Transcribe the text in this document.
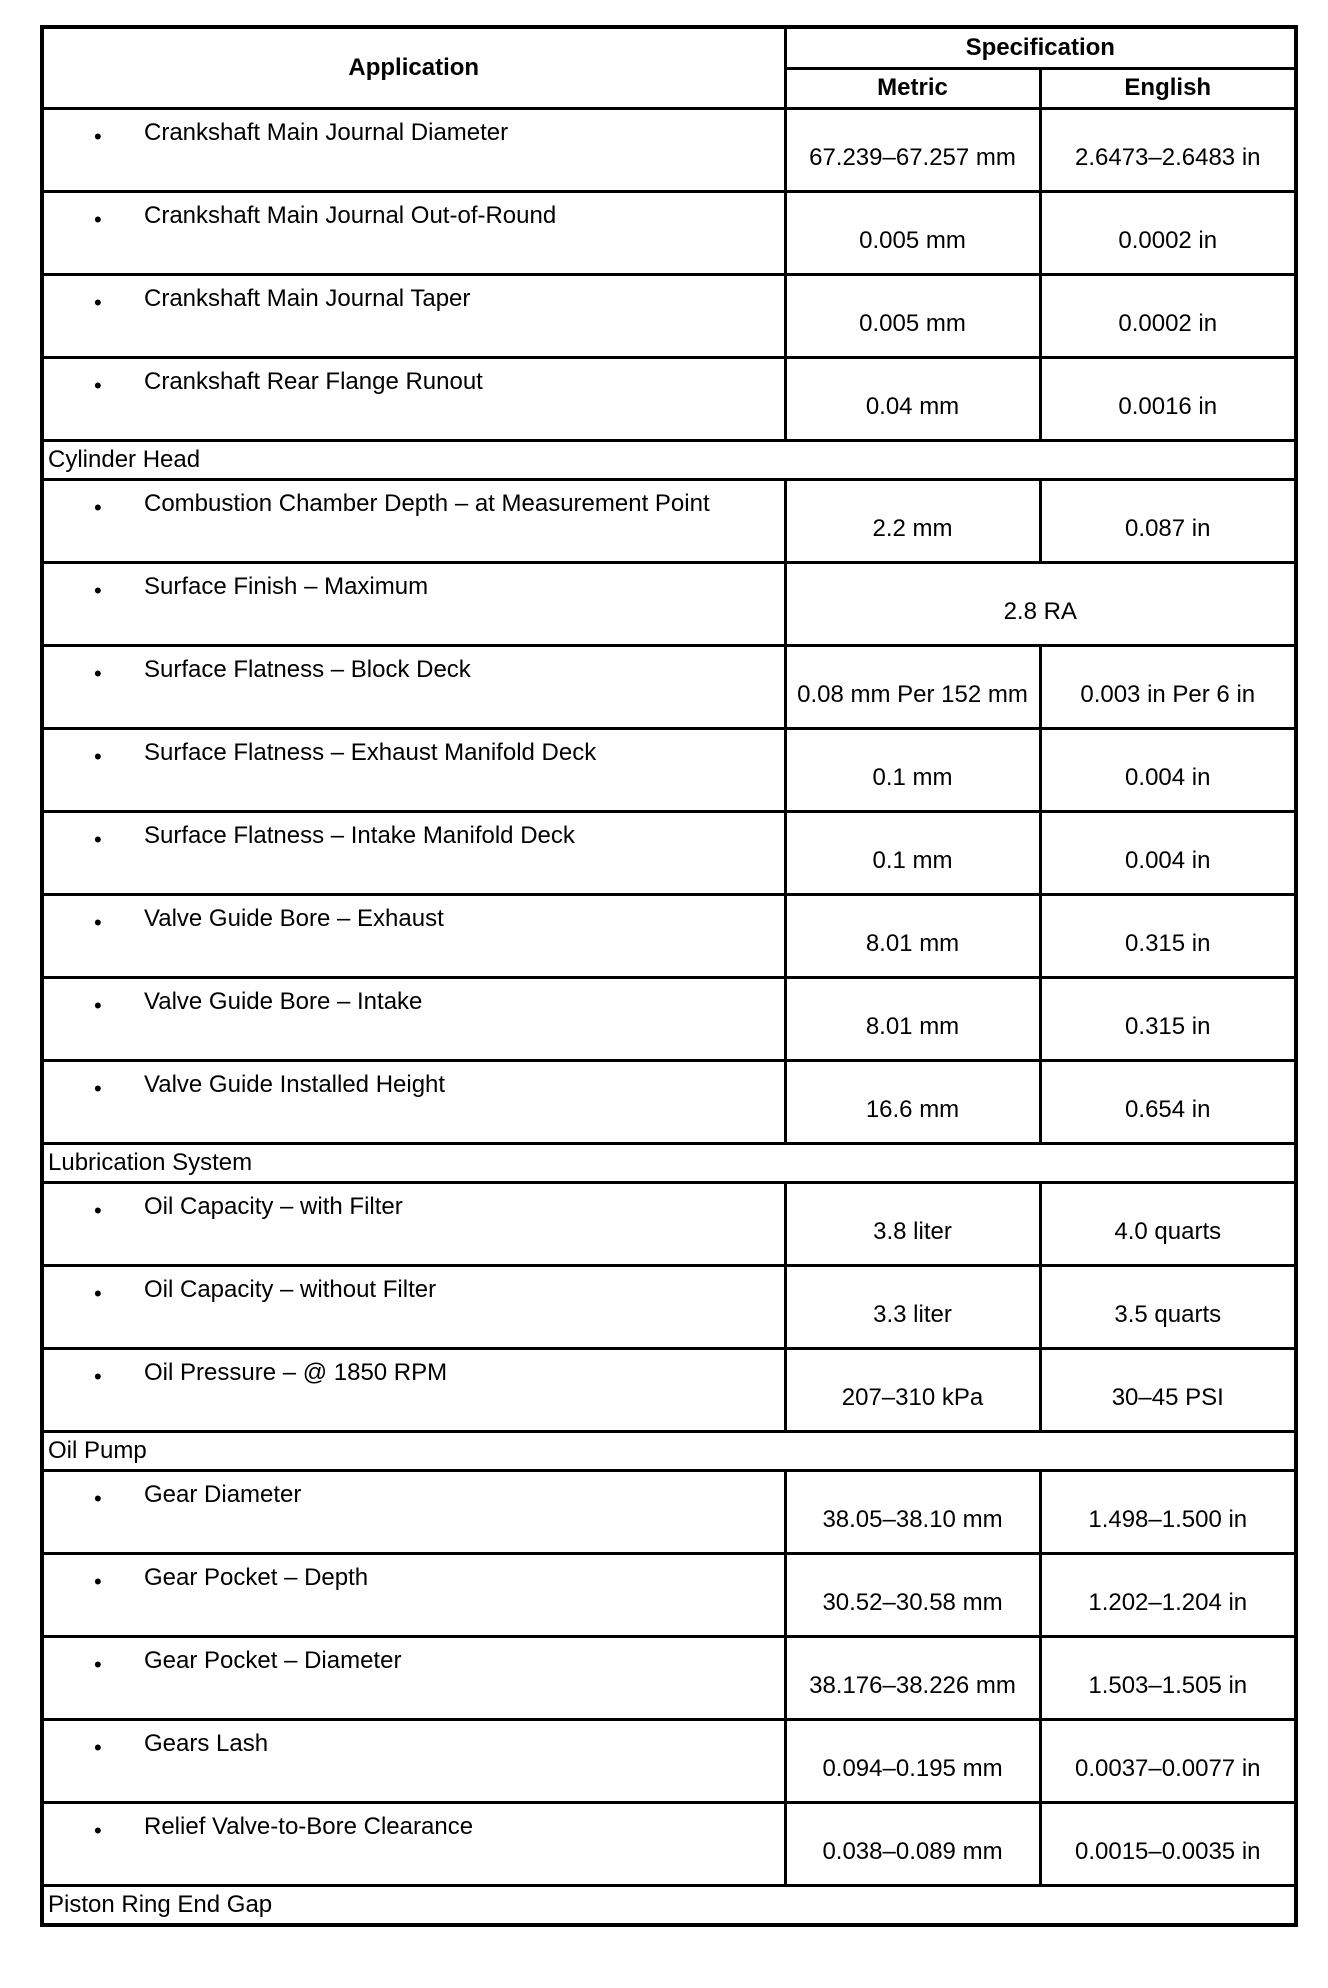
Application	Specification	
	Metric	English

• Crankshaft Main Journal Diameter	67.239–67.257 mm	2.6473–2.6483 in

• Crankshaft Main Journal Out-of-Round	0.005 mm	0.0002 in

• Crankshaft Main Journal Taper	0.005 mm	0.0002 in

• Crankshaft Rear Flange Runout	0.04 mm	0.0016 in
Cylinder Head		

• Combustion Chamber Depth – at Measurement Point	2.2 mm	0.087 in

• Surface Finish – Maximum	2.8 RA	

• Surface Flatness – Block Deck	0.08 mm Per 152 mm	0.003 in Per 6 in

• Surface Flatness – Exhaust Manifold Deck	0.1 mm	0.004 in

• Surface Flatness – Intake Manifold Deck	0.1 mm	0.004 in

• Valve Guide Bore – Exhaust	8.01 mm	0.315 in

• Valve Guide Bore – Intake	8.01 mm	0.315 in

• Valve Guide Installed Height	16.6 mm	0.654 in
Lubrication System		

• Oil Capacity – with Filter	3.8 liter	4.0 quarts

• Oil Capacity – without Filter	3.3 liter	3.5 quarts

• Oil Pressure – @ 1850 RPM	207–310 kPa	30–45 PSI
Oil Pump		

• Gear Diameter	38.05–38.10 mm	1.498–1.500 in

• Gear Pocket – Depth	30.52–30.58 mm	1.202–1.204 in

• Gear Pocket – Diameter	38.176–38.226 mm	1.503–1.505 in

• Gears Lash	0.094–0.195 mm	0.0037–0.0077 in

• Relief Valve-to-Bore Clearance	0.038–0.089 mm	0.0015–0.0035 in
Piston Ring End Gap		
